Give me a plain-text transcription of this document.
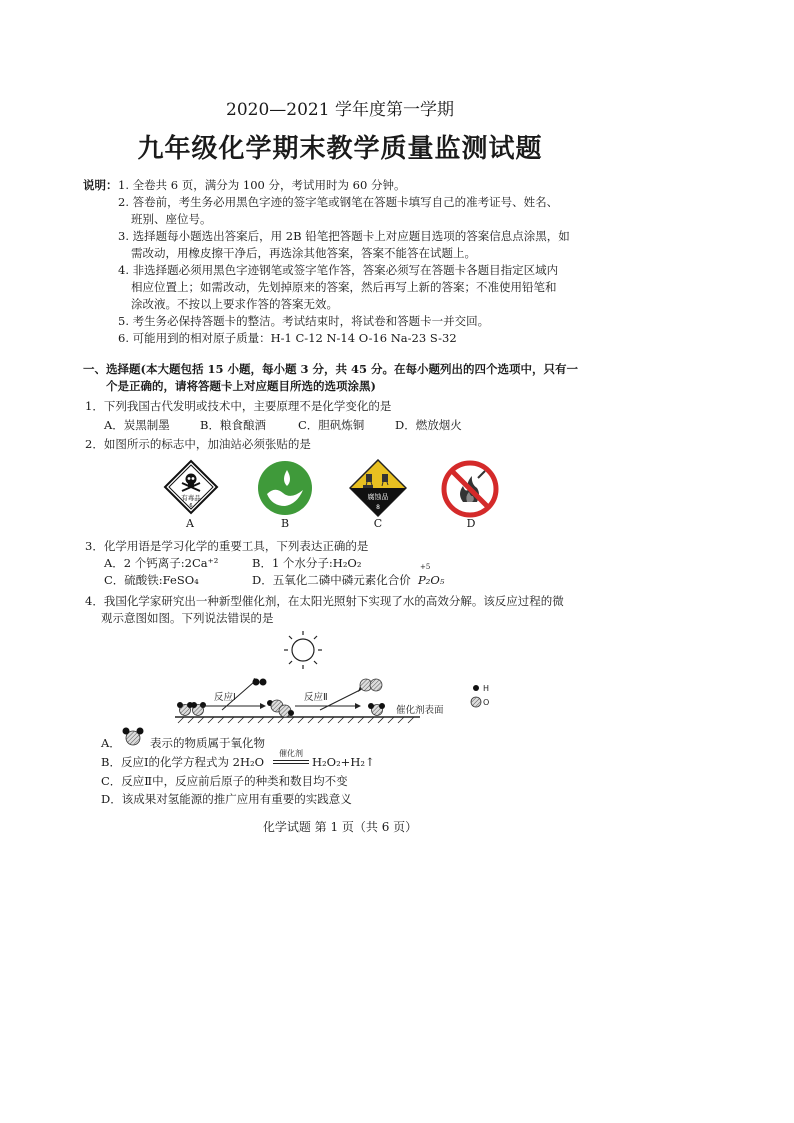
2020—2021 学年度第一学期
九年级化学期末教学质量监测试题
说明： 1. 全卷共 6 页，满分为 100 分，考试用时为 60 分钟。
2. 答卷前，考生务必用黑色字迹的签字笔或钢笔在答题卡填写自己的准考证号、姓名、
班别、座位号。
3. 选择题每小题选出答案后，用 2B 铅笔把答题卡上对应题目选项的答案信息点涂黑，如
需改动，用橡皮擦干净后，再选涂其他答案，答案不能答在试题上。
4. 非选择题必须用黑色字迹钢笔或签字笔作答，答案必须写在答题卡各题目指定区域内
相应位置上；如需改动，先划掉原来的答案，然后再写上新的答案；不准使用铅笔和
涂改液。不按以上要求作答的答案无效。
5. 考生务必保持答题卡的整洁。考试结束时，将试卷和答题卡一并交回。
6. 可能用到的相对原子质量：H-1 C-12 N-14 O-16 Na-23 S-32
一、选择题(本大题包括 15 小题，每小题 3 分，共 45 分。在每小题列出的四个选项中，只有一
个是正确的，请将答题卡上对应题目所选的选项涂黑)
1．下列我国古代发明或技术中，主要原理不是化学变化的是
A．炭黑制墨	B．粮食酿酒	C．胆矾炼铜	D．燃放烟火
2．如图所示的标志中，加油站必须张贴的是
有毒品
6
A	B
腐蚀品
8
C	D
3．化学用语是学习化学的重要工具，下列表达正确的是
A．2 个钙离子:2Ca⁺²	B．1 个水分子:H₂O₂
C．硫酸铁:FeSO₄	D．五氧化二磷中磷元素化合价
+5
P₂O₅
4．我国化学家研究出一种新型催化剂，在太阳光照射下实现了水的高效分解。该反应过程的微
观示意图如图。下列说法错误的是
反应Ⅰ	反应Ⅱ
催化剂表面
H
O
A．	表示的物质属于氧化物
B．反应Ⅰ的化学方程式为 2H₂O
催化剂
H₂O₂+H₂↑
C．反应Ⅱ中，反应前后原子的种类和数目均不变
D．该成果对氢能源的推广应用有重要的实践意义
化学试题 第 1 页（共 6 页）
